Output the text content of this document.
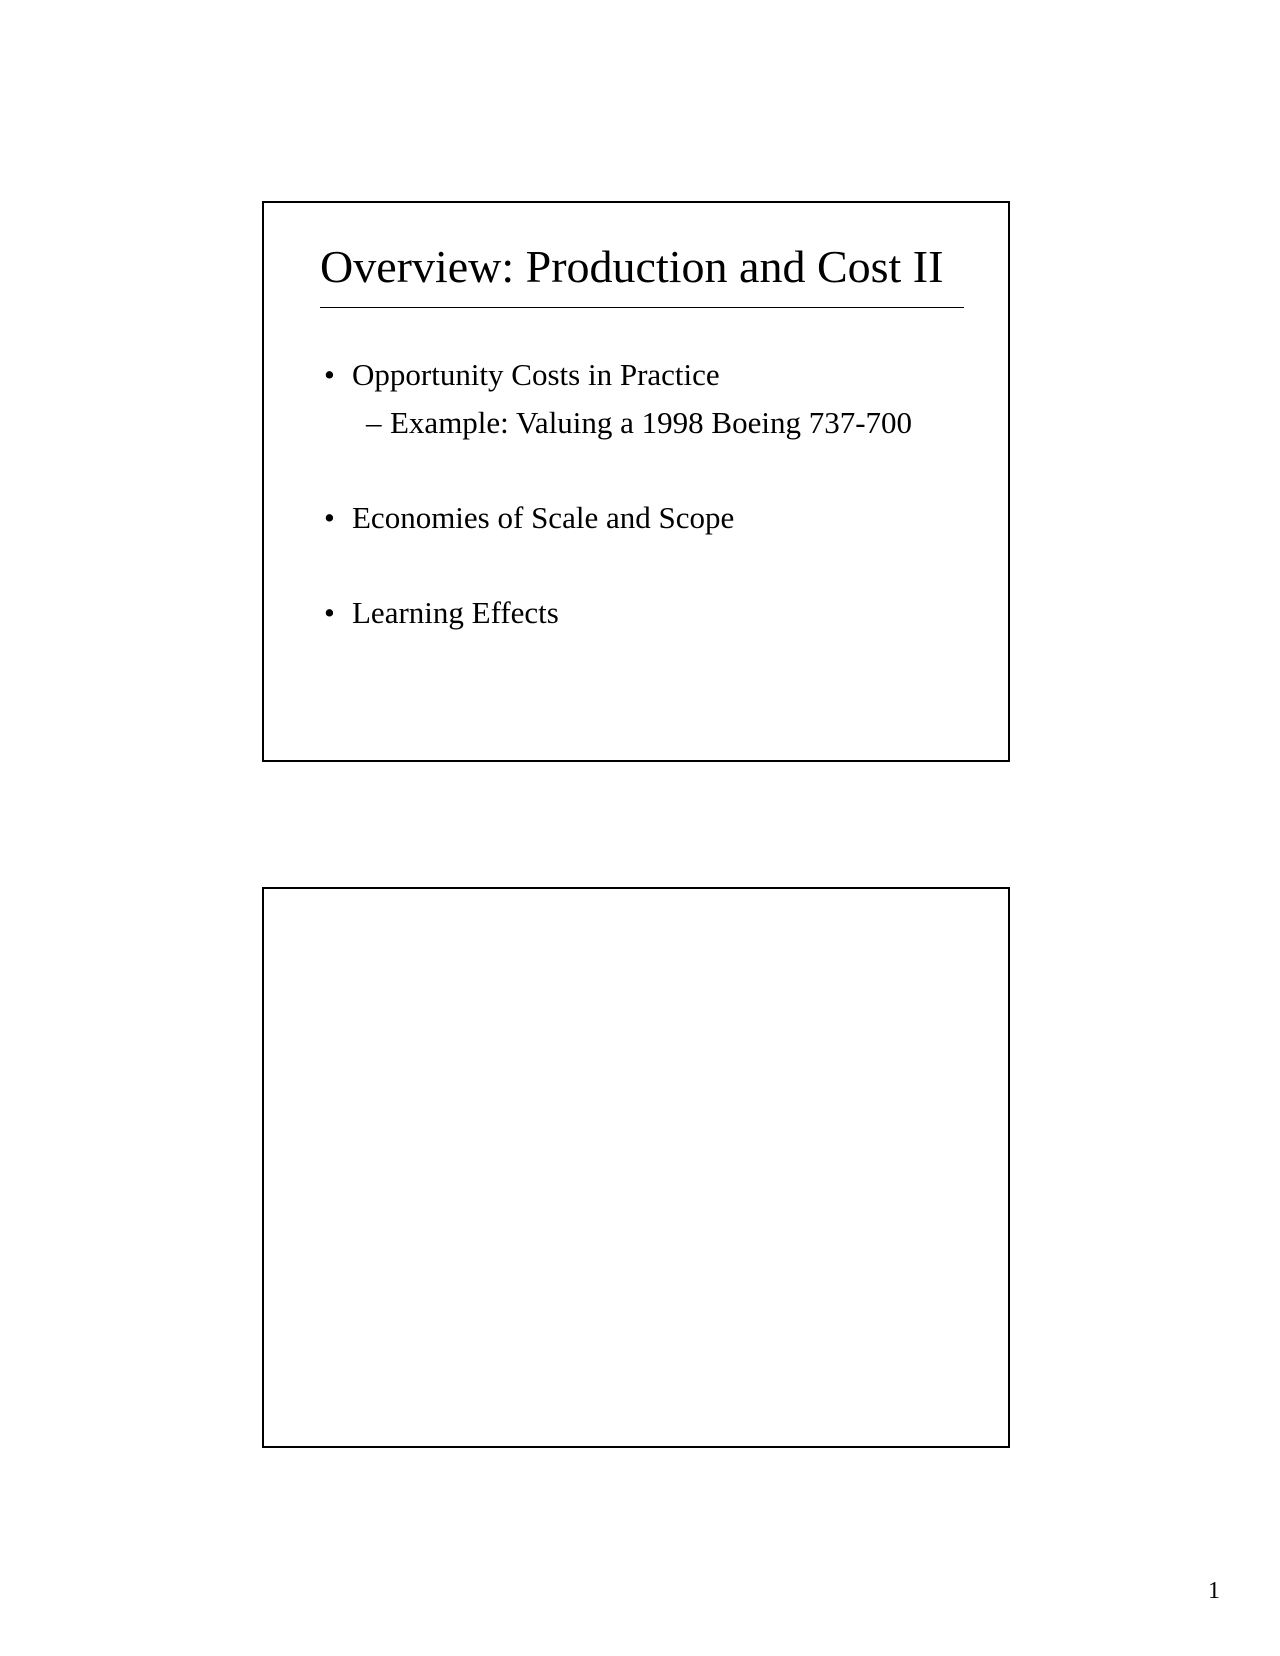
Overview: Production and Cost II
• Opportunity Costs in Practice
– Example: Valuing a 1998 Boeing 737-700
• Economies of Scale and Scope
• Learning Effects
1
